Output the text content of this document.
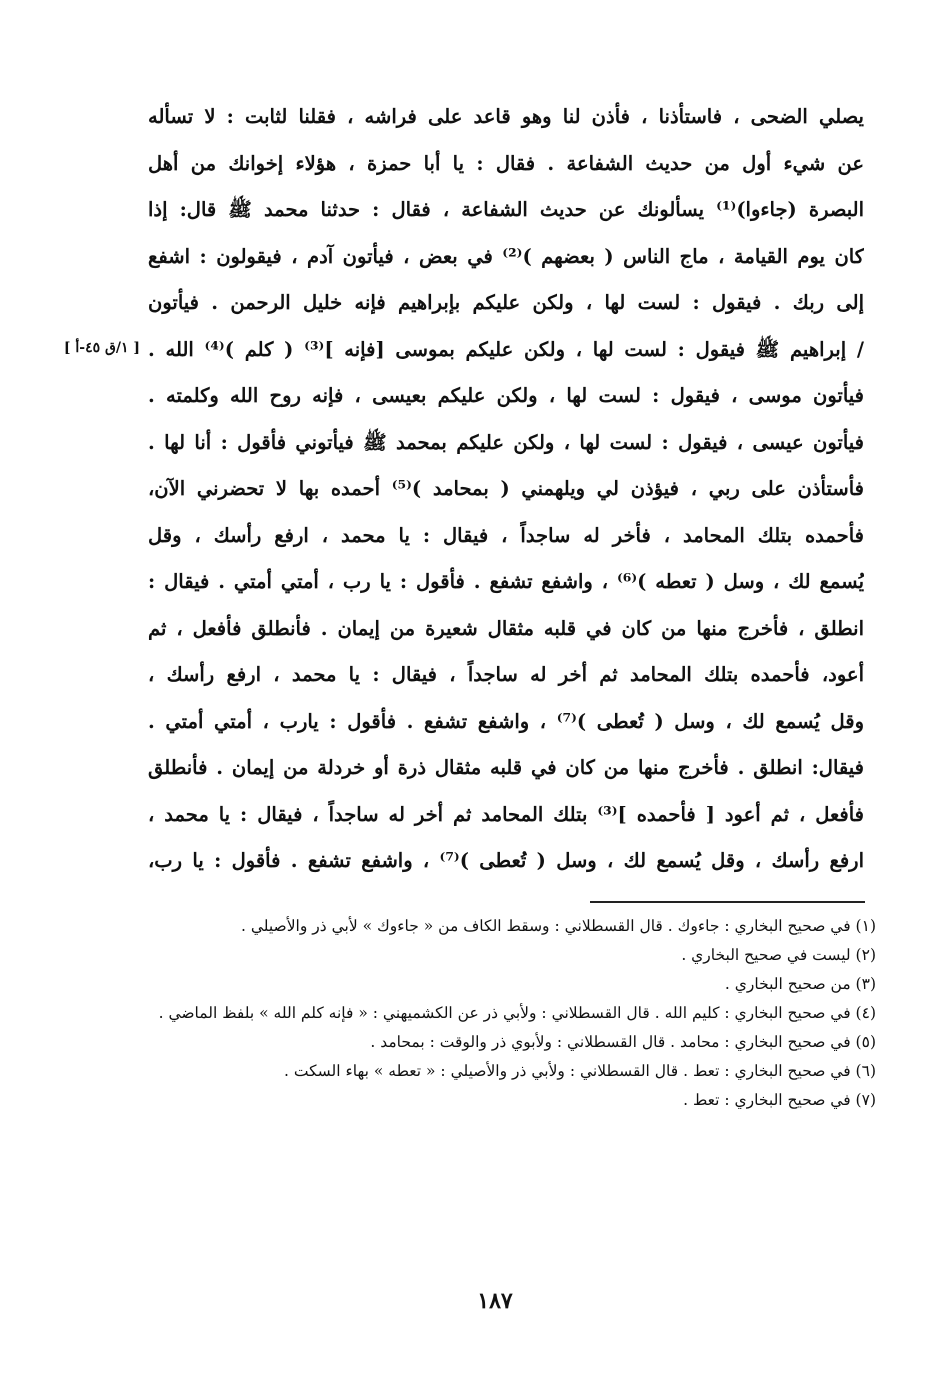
يصلي الضحى ، فاستأذنا ، فأذن لنا وهو قاعد على فراشه ، فقلنا لثابت : لا تسأله
عن شيء أول من حديث الشفاعة . فقال : يا أبا حمزة ، هؤلاء إخوانك من أهل
البصرة (جاءوا)⁽¹⁾ يسألونك عن حديث الشفاعة ، فقال : حدثنا محمد ﷺ قال: إذا
كان يوم القيامة ، ماج الناس ( بعضهم )⁽²⁾ في بعض ، فيأتون آدم ، فيقولون : اشفع
إلى ربك . فيقول : لست لها ، ولكن عليكم بإبراهيم فإنه خليل الرحمن . فيأتون
/ إبراهيم ﷺ فيقول : لست لها ، ولكن عليكم بموسى [فإنه ]⁽³⁾ ( كلم )⁽⁴⁾ الله .
فيأتون موسى ، فيقول : لست لها ، ولكن عليكم بعيسى ، فإنه روح الله وكلمته .
فيأتون عيسى ، فيقول : لست لها ، ولكن عليكم بمحمد ﷺ فيأتوني فأقول : أنا لها .
فأستأذن على ربي ، فيؤذن لي ويلهمني ( بمحامد )⁽⁵⁾ أحمده بها لا تحضرني الآن،
فأحمده بتلك المحامد ، فأخر له ساجداً ، فيقال : يا محمد ، ارفع رأسك ، وقل
يُسمع لك ، وسل ( تعطه )⁽⁶⁾ ، واشفع تشفع . فأقول : يا رب ، أمتي أمتي . فيقال :
انطلق ، فأخرج منها من كان في قلبه مثقال شعيرة من إيمان . فأنطلق فأفعل ، ثم
أعود، فأحمده بتلك المحامد ثم أخر له ساجداً ، فيقال : يا محمد ، ارفع رأسك ،
وقل يُسمع لك ، وسل ( تُعطى )⁽⁷⁾ ، واشفع تشفع . فأقول : يارب ، أمتي أمتي .
فيقال: انطلق . فأخرج منها من كان في قلبه مثقال ذرة أو خردلة من إيمان . فأنطلق
فأفعل ، ثم أعود [ فأحمده ]⁽³⁾ بتلك المحامد ثم أخر له ساجداً ، فيقال : يا محمد ،
ارفع رأسك ، وقل يُسمع لك ، وسل ( تُعطى )⁽⁷⁾ ، واشفع تشفع . فأقول : يا رب،
[ ١/ق ٤٥-أ ]
(١) في صحيح البخاري : جاءوك . قال القسطلاني : وسقط الكاف من « جاءوك » لأبي ذر والأصيلي .
(٢) ليست في صحيح البخاري .
(٣) من صحيح البخاري .
(٤) في صحيح البخاري : كليم الله . قال القسطلاني : ولأبي ذر عن الكشميهني : « فإنه كلم الله » بلفظ الماضي .
(٥) في صحيح البخاري : محامد . قال القسطلاني : ولأبوي ذر والوقت : بمحامد .
(٦) في صحيح البخاري : تعط . قال القسطلاني : ولأبي ذر والأصيلي : « تعطه » بهاء السكت .
(٧) في صحيح البخاري : تعط .
١٨٧
